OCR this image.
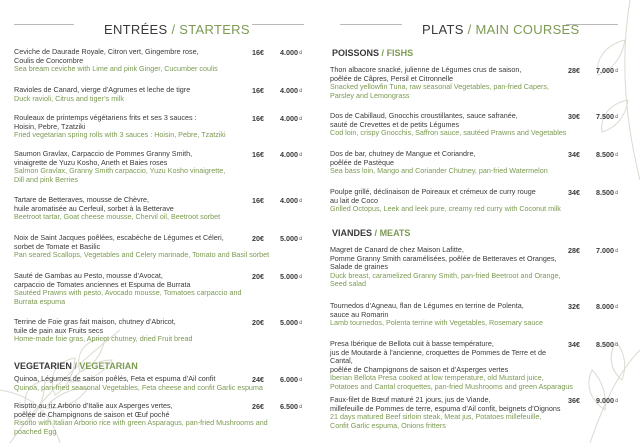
ENTRÉES / STARTERS
Ceviche de Daurade Royale, Citron vert, Gingembre rose,
Coulis de Concombre
Sea bream ceviche with Lime and pink Ginger, Cucumber coulis
16€ 4.000₫
Ravioles de Canard, vierge d’Agrumes et leche de tigre
Duck ravioli, Citrus and tiger’s milk
16€ 4.000₫
Rouleaux de printemps végétariens frits et ses 3 sauces :
Hoisin, Pebre, Tzatziki
Fried vegetarian spring rolls with 3 sauces : Hoisin, Pebre, Tzatziki
16€ 4.000₫
Saumon Gravlax, Carpaccio de Pommes Granny Smith,
vinaigrette de Yuzu Kosho, Aneth et Baies roses
Salmon Gravlax, Granny Smith carpaccio, Yuzu Kosho vinaigrette,
Dill and pink Berries
16€ 4.000₫
Tartare de Betteraves, mousse de Chèvre,
huile aromatisée au Cerfeuil, sorbet à la Betterave
Beetroot tartar, Goat cheese mousse, Chervil oil, Beetroot sorbet
16€ 4.000₫
Noix de Saint Jacques poêlées, escabèche de Légumes et Céleri,
sorbet de Tomate et Basilic
Pan seared Scallops, Vegetables and Celery marinade, Tomato and Basil sorbet
20€ 5.000₫
Sauté de Gambas au Pesto, mousse d’Avocat,
carpaccio de Tomates anciennes et Espuma de Burrata
Sautéed Prawns with pesto, Avocado mousse, Tomatoes carpaccio and
Burrata espuma
20€ 5.000₫
Terrine de Foie gras fait maison, chutney d’Abricot,
tuile de pain aux Fruits secs
Home-made foie gras, Apricot chutney, dried Fruit bread
20€ 5.000₫
VEGETARIEN / VEGETARIAN
Quinoa, Légumes de saison poêlés, Feta et espuma d’Ail confit
Quinoa, pan-fried seasonal Vegetables, Feta cheese and confit Garlic espuma
24€ 6.000₫
Risotto au riz Arborio d’Italie aux Asperges vertes,
poêlée de Champignons de saison et Œuf poché
Risotto with Italian Arborio rice with green Asparagus, pan-fried Mushrooms and
poached Egg
26€ 6.500₫
PLATS / MAIN COURSES
POISSONS / FISHS
Thon albacore snacké, julienne de Légumes crus de saison,
poêlée de Câpres, Persil et Citronnelle
Snacked yellowfin Tuna, raw seasonal Vegetables, pan-fried Capers,
Parsley and Lemongrass
28€ 7.000₫
Dos de Cabillaud, Gnocchis croustillantes, sauce safranée,
sauté de Crevettes et de petits Légumes
Cod loin, crispy Gnocchis, Saffron sauce, sautéed Prawns and Vegetables
30€ 7.500₫
Dos de bar, chutney de Mangue et Coriandre,
poêlée de Pastèque
Sea bass loin, Mango and Coriander Chutney, pan-fried Watermelon
34€ 8.500₫
Poulpe grillé, déclinaison de Poireaux et crémeux de curry rouge
au lait de Coco
Grilled Octopus, Leek and leek pure, creamy red curry with Coconut milk
34€ 8.500₫
VIANDES / MEATS
Magret de Canard de chez Maison Lafitte,
Pomme Granny Smith caramélisées, poêlée de Betteraves et Oranges,
Salade de graines
Duck breast, caramelized Granny Smith, pan-fried Beetroot and Orange,
Seed salad
28€ 7.000₫
Tournedos d’Agneau, flan de Légumes en terrine de Polenta,
sauce au Romarin
Lamb tournedos, Polenta terrine with Vegetables, Rosemary sauce
32€ 8.000₫
Presa Ibérique de Bellota cuit à basse température,
jus de Moutarde à l’ancienne, croquettes de Pommes de Terre et de Cantal,
poêlée de Champignons de saison et d’Asperges vertes
Iberian Bellota Presa cooked at low temperature, old Mustard juice,
Potatoes and Cantal croquettes, pan-fried Mushrooms and green Asparagus
34€ 8.500₫
Faux-filet de Bœuf maturé 21 jours, jus de Viande,
millefeuille de Pommes de terre, espuma d’Ail confit, beignets d’Oignons
21 days matured Beef sirloin steak, Meat jus, Potatoes millefeuille,
Confit Garlic espuma, Onions fritters
36€ 9.000₫
